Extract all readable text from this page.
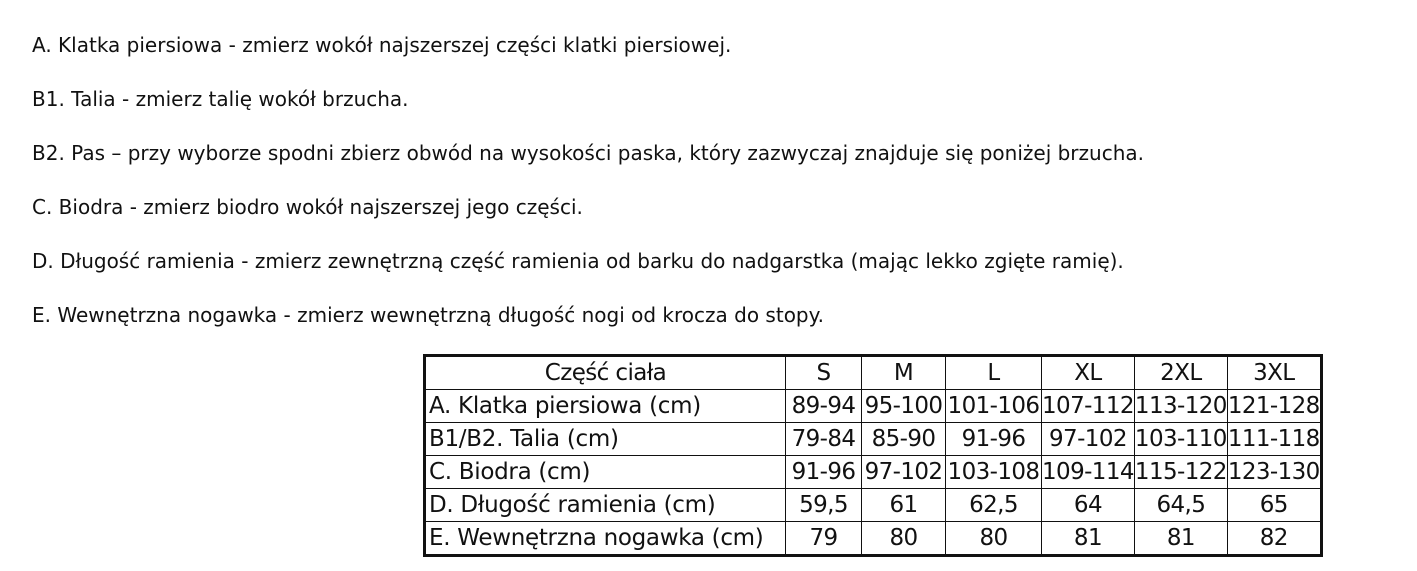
A. Klatka piersiowa - zmierz wokół najszerszej części klatki piersiowej.
B1. Talia - zmierz talię wokół brzucha.
B2. Pas – przy wyborze spodni zbierz obwód na wysokości paska, który zazwyczaj znajduje się poniżej brzucha.
C. Biodra - zmierz biodro wokół najszerszej jego części.
D. Długość ramienia - zmierz zewnętrzną część ramienia od barku do nadgarstka (mając lekko zgięte ramię).
E. Wewnętrzna nogawka - zmierz wewnętrzną długość nogi od krocza do stopy.
Część ciała	S	M	L	XL	2XL	3XL
A. Klatka piersiowa (cm)	89-94	95-100	101-106	107-112	113-120	121-128
B1/B2. Talia (cm)	79-84	85-90	91-96	97-102	103-110	111-118
C. Biodra (cm)	91-96	97-102	103-108	109-114	115-122	123-130
D. Długość ramienia (cm)	59,5	61	62,5	64	64,5	65
E. Wewnętrzna nogawka (cm)	79	80	80	81	81	82
